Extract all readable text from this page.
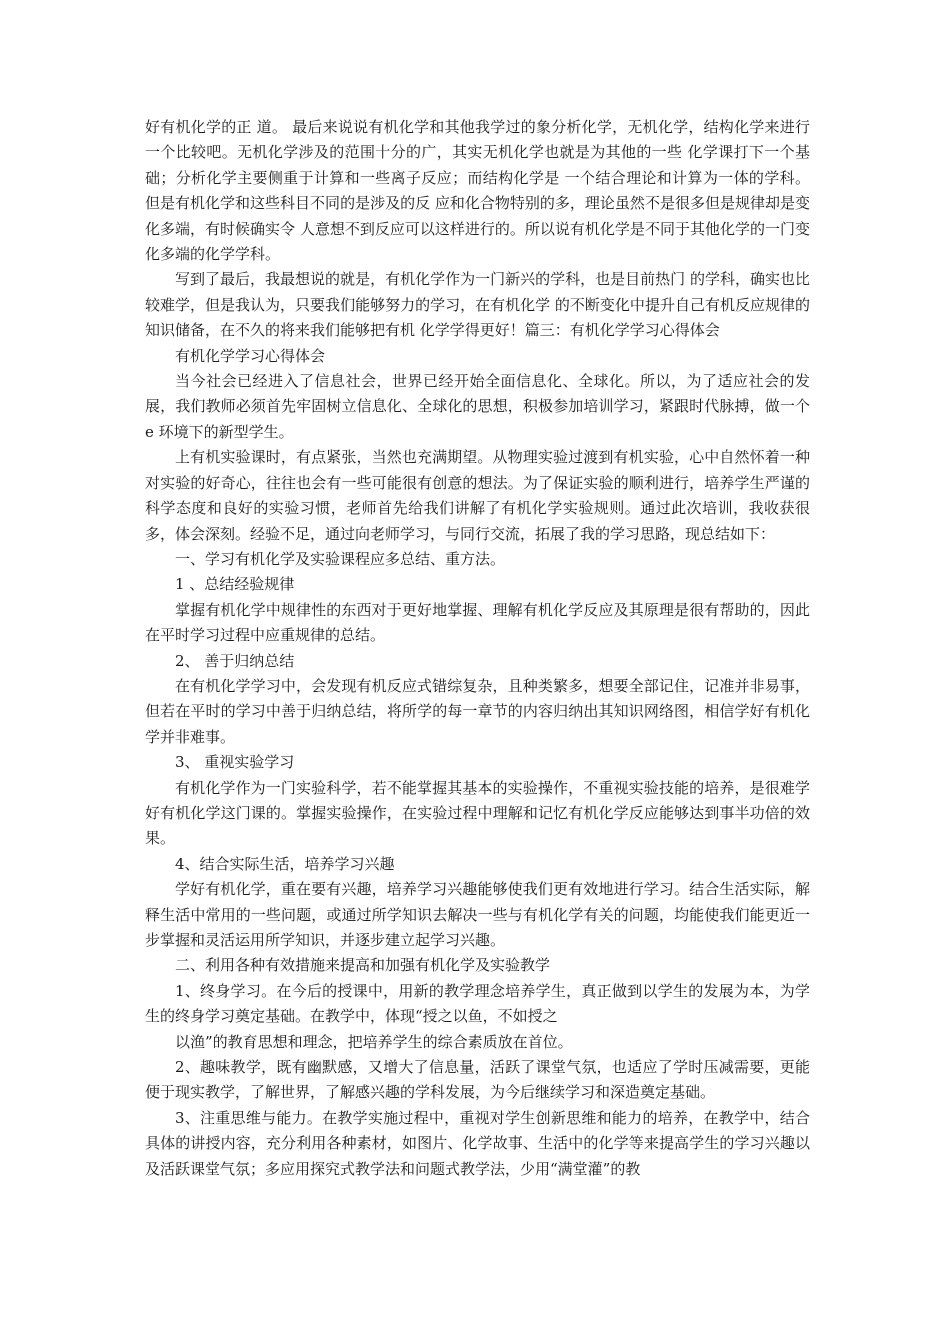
好有机化学的正 道。 最后来说说有机化学和其他我学过的象分析化学，无机化学，结构化学来进行 一个比较吧。无机化学涉及的范围十分的广，其实无机化学也就是为其他的一些 化学课打下一个基础；分析化学主要侧重于计算和一些离子反应；而结构化学是 一个结合理论和计算为一体的学科。 但是有机化学和这些科目不同的是涉及的反 应和化合物特别的多，理论虽然不是很多但是规律却是变化多端，有时候确实令 人意想不到反应可以这样进行的。所以说有机化学是不同于其他化学的一门变化多端的化学学科。

写到了最后，我最想说的就是，有机化学作为一门新兴的学科，也是目前热门 的学科，确实也比较难学，但是我认为，只要我们能够努力的学习，在有机化学 的不断变化中提升自己有机反应规律的知识储备，在不久的将来我们能够把有机 化学学得更好！篇三：有机化学学习心得体会

有机化学学习心得体会

当今社会已经进入了信息社会，世界已经开始全面信息化、全球化。所以，为了适应社会的发展，我们教师必须首先牢固树立信息化、全球化的思想，积极参加培训学习，紧跟时代脉搏，做一个 e 环境下的新型学生。

上有机实验课时，有点紧张，当然也充满期望。从物理实验过渡到有机实验，心中自然怀着一种对实验的好奇心，往往也会有一些可能很有创意的想法。为了保证实验的顺利进行，培养学生严谨的科学态度和良好的实验习惯，老师首先给我们讲解了有机化学实验规则。通过此次培训，我收获很多，体会深刻。经验不足，通过向老师学习，与同行交流，拓展了我的学习思路，现总结如下：

一、学习有机化学及实验课程应多总结、重方法。

1 、总结经验规律

掌握有机化学中规律性的东西对于更好地掌握、理解有机化学反应及其原理是很有帮助的，因此在平时学习过程中应重规律的总结。

2、 善于归纳总结

在有机化学学习中，会发现有机反应式错综复杂，且种类繁多，想要全部记住，记准并非易事，但若在平时的学习中善于归纳总结，将所学的每一章节的内容归纳出其知识网络图，相信学好有机化学并非难事。

3、 重视实验学习

有机化学作为一门实验科学，若不能掌握其基本的实验操作，不重视实验技能的培养，是很难学好有机化学这门课的。掌握实验操作，在实验过程中理解和记忆有机化学反应能够达到事半功倍的效果。

4、结合实际生活，培养学习兴趣

学好有机化学，重在要有兴趣，培养学习兴趣能够使我们更有效地进行学习。结合生活实际，解释生活中常用的一些问题，或通过所学知识去解决一些与有机化学有关的问题，均能使我们能更近一步掌握和灵活运用所学知识，并逐步建立起学习兴趣。

二、利用各种有效措施来提高和加强有机化学及实验教学

1、终身学习。在今后的授课中，用新的教学理念培养学生，真正做到以学生的发展为本，为学生的终身学习奠定基础。在教学中，体现“授之以鱼，不如授之

以渔”的教育思想和理念，把培养学生的综合素质放在首位。

2、趣味教学，既有幽默感，又增大了信息量，活跃了课堂气氛，也适应了学时压减需要，更能便于现实教学，了解世界，了解感兴趣的学科发展，为今后继续学习和深造奠定基础。

3、注重思维与能力。在教学实施过程中，重视对学生创新思维和能力的培养，在教学中，结合具体的讲授内容，充分利用各种素材，如图片、化学故事、生活中的化学等来提高学生的学习兴趣以及活跃课堂气氛；多应用探究式教学法和问题式教学法，少用“满堂灌”的教
